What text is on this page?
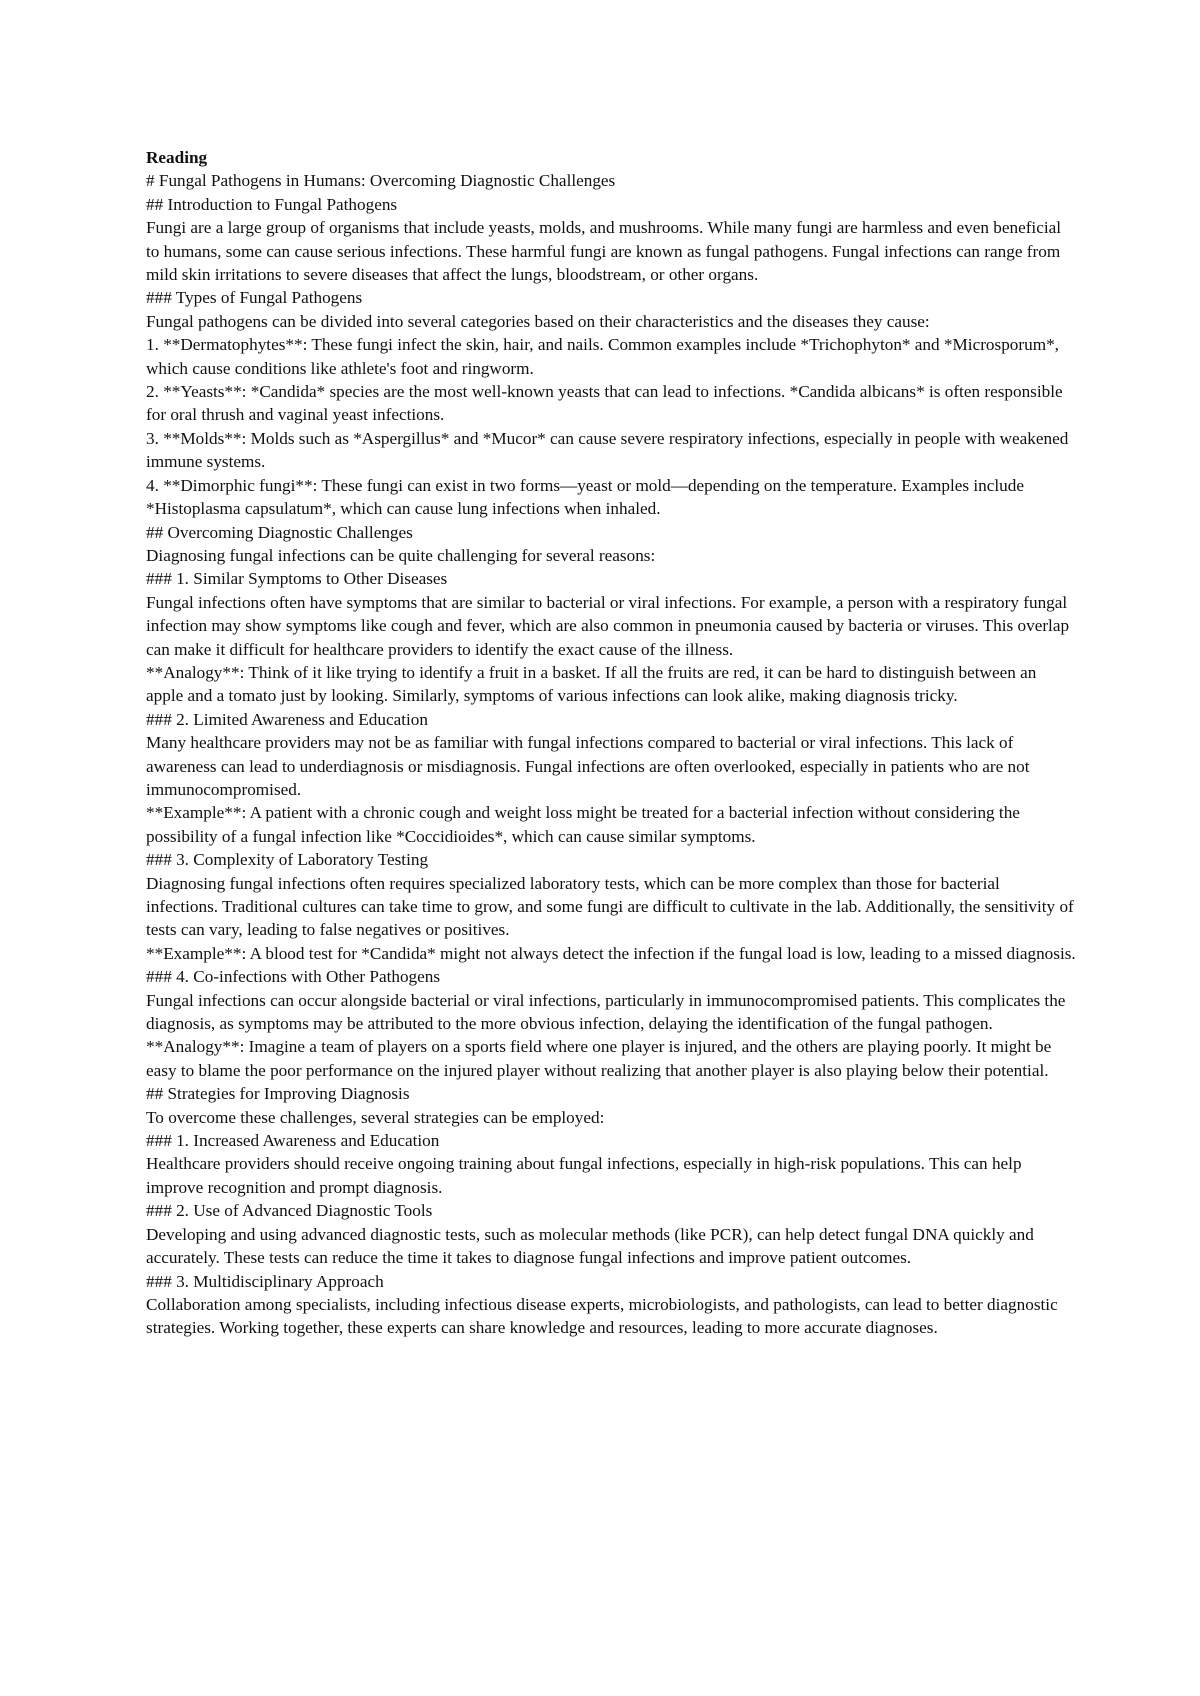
Reading
# Fungal Pathogens in Humans: Overcoming Diagnostic Challenges
## Introduction to Fungal Pathogens
Fungi are a large group of organisms that include yeasts, molds, and mushrooms. While many fungi are harmless and even beneficial to humans, some can cause serious infections. These harmful fungi are known as fungal pathogens. Fungal infections can range from mild skin irritations to severe diseases that affect the lungs, bloodstream, or other organs.
### Types of Fungal Pathogens
Fungal pathogens can be divided into several categories based on their characteristics and the diseases they cause:
1. **Dermatophytes**: These fungi infect the skin, hair, and nails. Common examples include *Trichophyton* and *Microsporum*, which cause conditions like athlete's foot and ringworm.
2. **Yeasts**: *Candida* species are the most well-known yeasts that can lead to infections. *Candida albicans* is often responsible for oral thrush and vaginal yeast infections.
3. **Molds**: Molds such as *Aspergillus* and *Mucor* can cause severe respiratory infections, especially in people with weakened immune systems.
4. **Dimorphic fungi**: These fungi can exist in two forms—yeast or mold—depending on the temperature. Examples include *Histoplasma capsulatum*, which can cause lung infections when inhaled.
## Overcoming Diagnostic Challenges
Diagnosing fungal infections can be quite challenging for several reasons:
### 1. Similar Symptoms to Other Diseases
Fungal infections often have symptoms that are similar to bacterial or viral infections. For example, a person with a respiratory fungal infection may show symptoms like cough and fever, which are also common in pneumonia caused by bacteria or viruses. This overlap can make it difficult for healthcare providers to identify the exact cause of the illness.
**Analogy**: Think of it like trying to identify a fruit in a basket. If all the fruits are red, it can be hard to distinguish between an apple and a tomato just by looking. Similarly, symptoms of various infections can look alike, making diagnosis tricky.
### 2. Limited Awareness and Education
Many healthcare providers may not be as familiar with fungal infections compared to bacterial or viral infections. This lack of awareness can lead to underdiagnosis or misdiagnosis. Fungal infections are often overlooked, especially in patients who are not immunocompromised.
**Example**: A patient with a chronic cough and weight loss might be treated for a bacterial infection without considering the possibility of a fungal infection like *Coccidioides*, which can cause similar symptoms.
### 3. Complexity of Laboratory Testing
Diagnosing fungal infections often requires specialized laboratory tests, which can be more complex than those for bacterial infections. Traditional cultures can take time to grow, and some fungi are difficult to cultivate in the lab. Additionally, the sensitivity of tests can vary, leading to false negatives or positives.
**Example**: A blood test for *Candida* might not always detect the infection if the fungal load is low, leading to a missed diagnosis.
### 4. Co-infections with Other Pathogens
Fungal infections can occur alongside bacterial or viral infections, particularly in immunocompromised patients. This complicates the diagnosis, as symptoms may be attributed to the more obvious infection, delaying the identification of the fungal pathogen.
**Analogy**: Imagine a team of players on a sports field where one player is injured, and the others are playing poorly. It might be easy to blame the poor performance on the injured player without realizing that another player is also playing below their potential.
## Strategies for Improving Diagnosis
To overcome these challenges, several strategies can be employed:
### 1. Increased Awareness and Education
Healthcare providers should receive ongoing training about fungal infections, especially in high-risk populations. This can help improve recognition and prompt diagnosis.
### 2. Use of Advanced Diagnostic Tools
Developing and using advanced diagnostic tests, such as molecular methods (like PCR), can help detect fungal DNA quickly and accurately. These tests can reduce the time it takes to diagnose fungal infections and improve patient outcomes.
### 3. Multidisciplinary Approach
Collaboration among specialists, including infectious disease experts, microbiologists, and pathologists, can lead to better diagnostic strategies. Working together, these experts can share knowledge and resources, leading to more accurate diagnoses.
